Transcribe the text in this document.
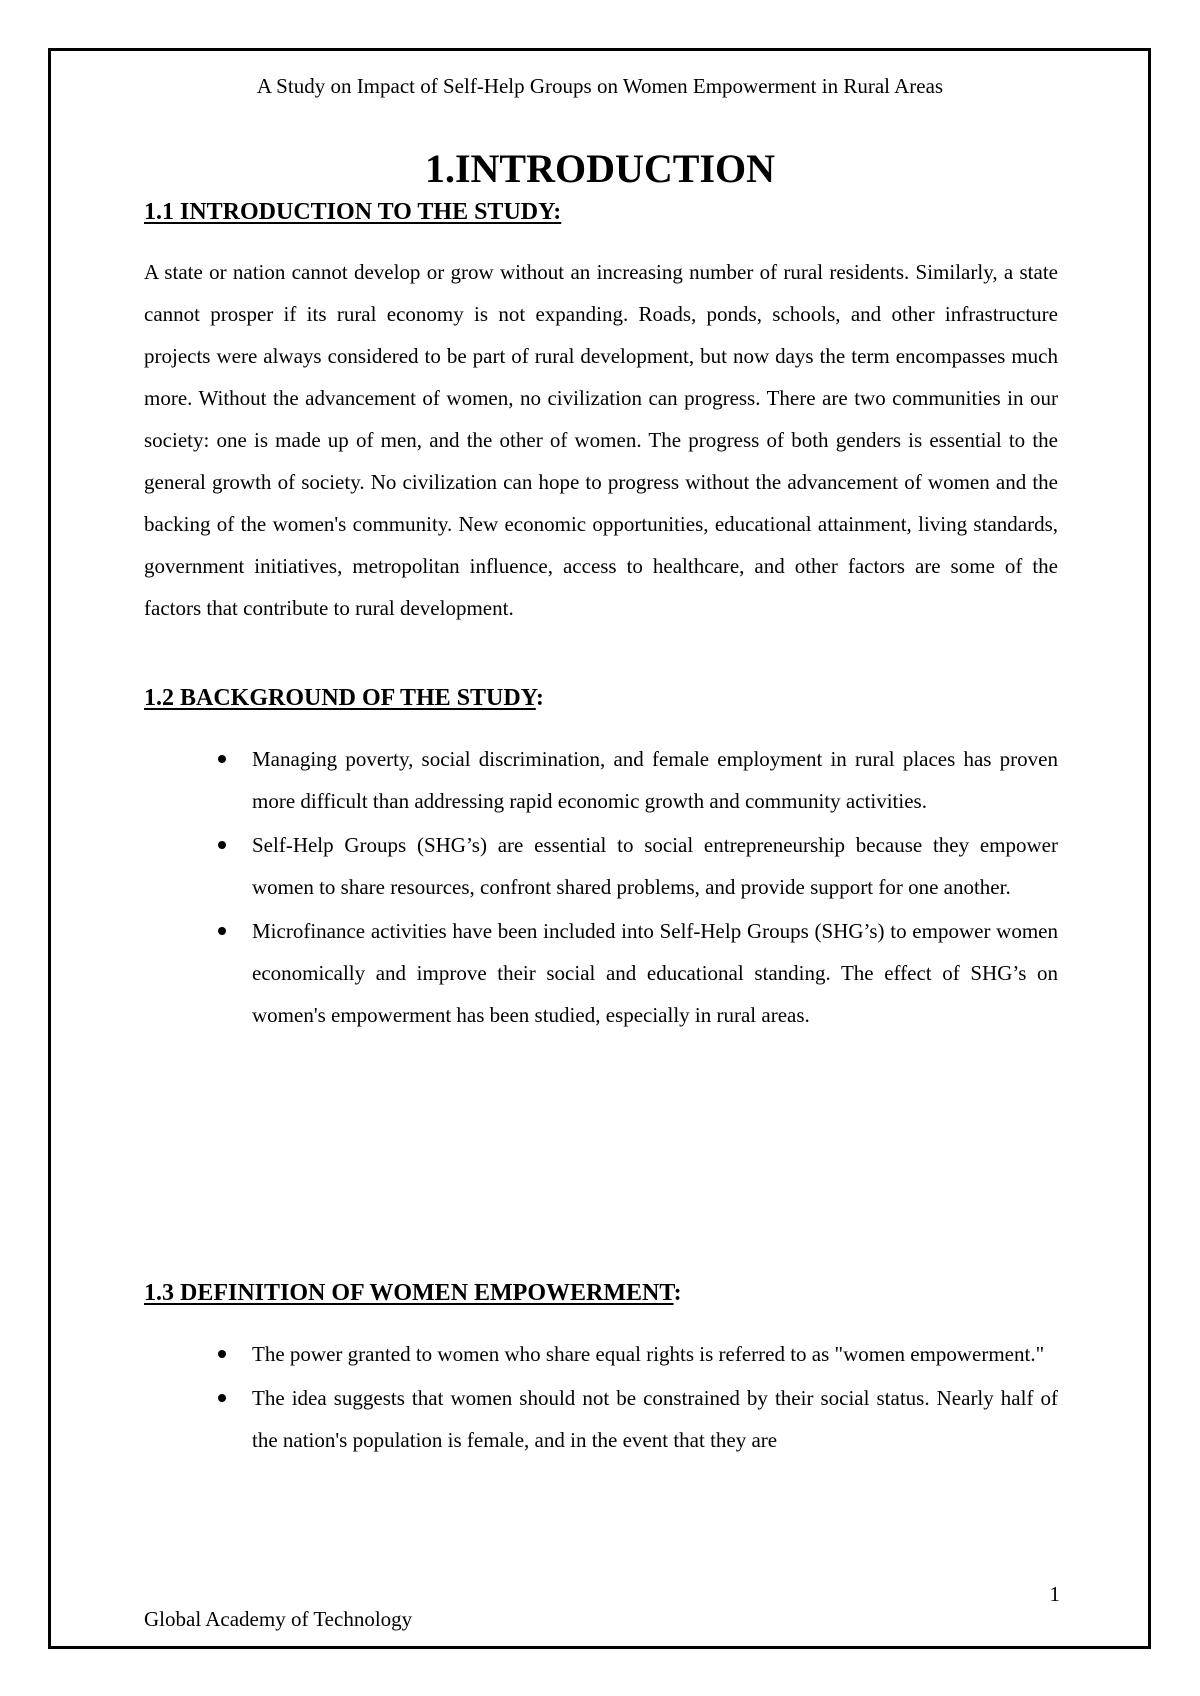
A Study on Impact of Self-Help Groups on Women Empowerment in Rural Areas
1.INTRODUCTION
1.1 INTRODUCTION TO THE STUDY:

A state or nation cannot develop or grow without an increasing number of rural residents. Similarly, a state cannot prosper if its rural economy is not expanding. Roads, ponds, schools, and other infrastructure projects were always considered to be part of rural development, but now days the term encompasses much more. Without the advancement of women, no civilization can progress. There are two communities in our society: one is made up of men, and the other of women. The progress of both genders is essential to the general growth of society. No civilization can hope to progress without the advancement of women and the backing of the women's community. New economic opportunities, educational attainment, living standards, government initiatives, metropolitan influence, access to healthcare, and other factors are some of the factors that contribute to rural development.

1.2 BACKGROUND OF THE STUDY:
Managing poverty, social discrimination, and female employment in rural places has proven more difficult than addressing rapid economic growth and community activities.
Self-Help Groups (SHG’s) are essential to social entrepreneurship because they empower women to share resources, confront shared problems, and provide support for one another.
Microfinance activities have been included into Self-Help Groups (SHG’s) to empower women economically and improve their social and educational standing. The effect of SHG’s on women's empowerment has been studied, especially in rural areas.
1.3 DEFINITION OF WOMEN EMPOWERMENT:
The power granted to women who share equal rights is referred to as "women empowerment."
The idea suggests that women should not be constrained by their social status. Nearly half of the nation's population is female, and in the event that they are
1
Global Academy of Technology
